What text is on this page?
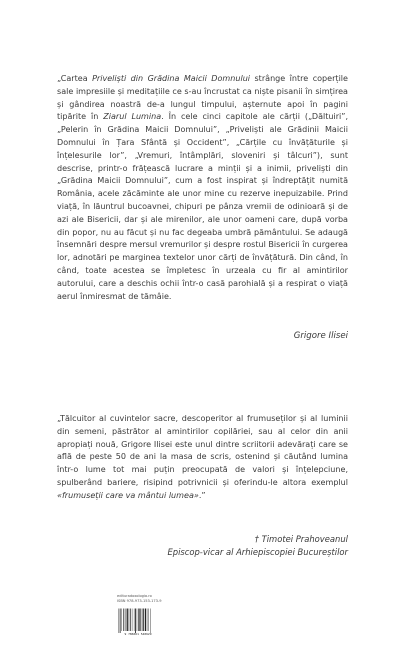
„Cartea Priveliști din Grădina Maicii Domnului strânge între coperțile sale impresiile și meditațiile ce s-au încrustat ca niște pisanii în simțirea și gândirea noastră de-a lungul timpului, așternute apoi în pagini tipărite în Ziarul Lumina. În cele cinci capitole ale cărții („Dăltuiri”, „Pelerin în Grădina Maicii Domnului”, „Priveliști ale Grădinii Maicii Domnului în Țara Sfântă și Occident”, „Cărțile cu învățăturile și înțelesurile lor”, „Vremuri, întâmplări, sloveniri și tâlcuri”), sunt descrise, printr-o frățească lucrare a minții și a inimii, priveliști din „Grădina Maicii Domnului”, cum a fost inspirat și îndreptățit numită România, acele zăcăminte ale unor mine cu rezerve inepuizabile. Prind viață, în lăuntrul bucoavnei, chipuri pe pânza vremii de odinioară și de azi ale Bisericii, dar și ale mirenilor, ale unor oameni care, după vorba din popor, nu au făcut și nu fac degeaba umbră pământului. Se adaugă însemnări despre mersul vremurilor și despre rostul Bisericii în curgerea lor, adnotări pe marginea textelor unor cărți de învățătură. Din când, în când, toate acestea se împletesc în urzeala cu fir al amintirilor autorului, care a deschis ochii într-o casă parohială și a respirat o viață aerul înmiresmat de tămâie.

Grigore Ilisei

„Tălcuitor al cuvintelor sacre, descoperitor al frumuseților și al luminii din semeni, păstrător al amintirilor copilăriei, sau al celor din anii apropiați nouă, Grigore Ilisei este unul dintre scriitorii adevărați care se află de peste 50 de ani la masa de scris, ostenind și căutând lumina într-o lume tot mai puțin preocupată de valori și înțelepciune, spulberând bariere, risipind potrivnicii și oferindu-le altora exemplul «frumuseții care va mântui lumea».”

† Timotei Prahoveanul
Episcop-vicar al Arhiepiscopiei Bucureștilor
edituradoxologia.ro
ISBN 978-973-153-173-9
9 786061 540629
